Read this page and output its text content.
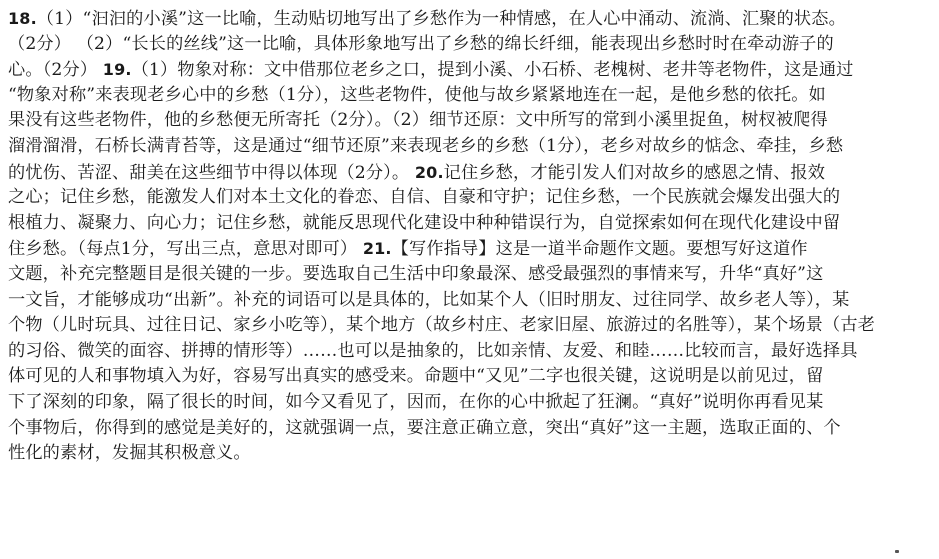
18.（1）“汩汩的小溪”这一比喻，生动贴切地写出了乡愁作为一种情感，在人心中涌动、流淌、汇聚的状态。
（2分） （2）“长长的丝线”这一比喻，具体形象地写出了乡愁的绵长纤细，能表现出乡愁时时在牵动游子的
心。（2分） 19.（1）物象对称：文中借那位老乡之口，提到小溪、小石桥、老槐树、老井等老物件，这是通过
“物象对称”来表现老乡心中的乡愁（1分），这些老物件，使他与故乡紧紧地连在一起，是他乡愁的依托。如
果没有这些老物件，他的乡愁便无所寄托（2分）。（2）细节还原：文中所写的常到小溪里捉鱼，树杈被爬得
溜滑溜滑，石桥长满青苔等，这是通过“细节还原”来表现老乡的乡愁（1分），老乡对故乡的惦念、牵挂，乡愁
的忧伤、苦涩、甜美在这些细节中得以体现（2分）。 20.记住乡愁，才能引发人们对故乡的感恩之情、报效
之心；记住乡愁，能激发人们对本土文化的眷恋、自信、自豪和守护；记住乡愁，一个民族就会爆发出强大的
根植力、凝聚力、向心力；记住乡愁，就能反思现代化建设中种种错误行为，自觉探索如何在现代化建设中留
住乡愁。（每点1分，写出三点，意思对即可） 21.【写作指导】这是一道半命题作文题。要想写好这道作
文题，补充完整题目是很关键的一步。要选取自己生活中印象最深、感受最强烈的事情来写，升华“真好”这
一文旨，才能够成功“出新”。补充的词语可以是具体的，比如某个人（旧时朋友、过往同学、故乡老人等），某
个物（儿时玩具、过往日记、家乡小吃等），某个地方（故乡村庄、老家旧屋、旅游过的名胜等），某个场景（古老
的习俗、微笑的面容、拼搏的情形等）……也可以是抽象的，比如亲情、友爱、和睦……比较而言，最好选择具
体可见的人和事物填入为好，容易写出真实的感受来。命题中“又见”二字也很关键，这说明是以前见过，留
下了深刻的印象，隔了很长的时间，如今又看见了，因而，在你的心中掀起了狂澜。“真好”说明你再看见某
个事物后，你得到的感觉是美好的，这就强调一点，要注意正确立意，突出“真好”这一主题，选取正面的、个
性化的素材，发掘其积极意义。
